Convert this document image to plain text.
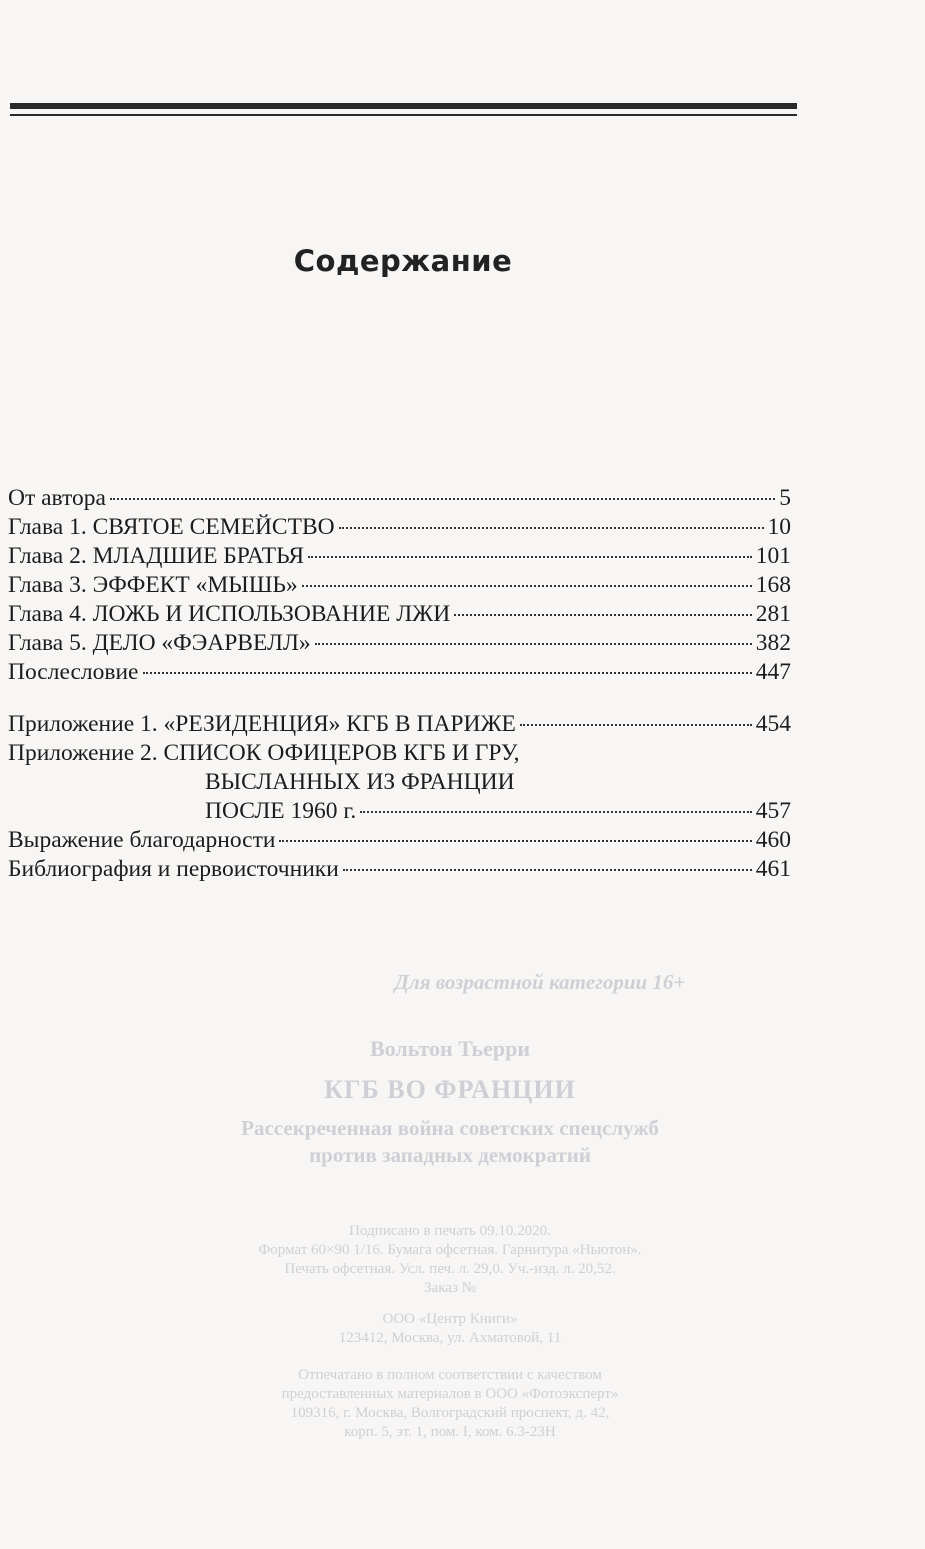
Содержание
От автора	5
Глава 1. СВЯТОЕ СЕМЕЙСТВО	10
Глава 2. МЛАДШИЕ БРАТЬЯ	101
Глава 3. ЭФФЕКТ «МЫШЬ»	168
Глава 4. ЛОЖЬ И ИСПОЛЬЗОВАНИЕ ЛЖИ	281
Глава 5. ДЕЛО «ФЭАРВЕЛЛ»	382
Послесловие	447
Приложение 1. «РЕЗИДЕНЦИЯ» КГБ В ПАРИЖЕ	454
Приложение 2. СПИСОК ОФИЦЕРОВ КГБ И ГРУ,
ВЫСЛАННЫХ ИЗ ФРАНЦИИ
ПОСЛЕ 1960 г.	457
Выражение благодарности	460
Библиография и первоисточники	461

Для возрастной категории 16+

Вольтон Тьерри

КГБ ВО ФРАНЦИИ

Рассекреченная война советских спецслужб
против западных демократий
Подписано в печать 09.10.2020.
Формат 60×90 1/16. Бумага офсетная. Гарнитура «Ньютон».
Печать офсетная. Усл. печ. л. 29,0. Уч.-изд. л. 20,52.
Заказ №
ООО «Центр Книги»
123412, Москва, ул. Ахматовой, 11
Отпечатано в полном соответствии с качеством
предоставленных материалов в ООО «Фотоэксперт»
109316, г. Москва, Волгоградский проспект, д. 42,
корп. 5, эт. 1, пом. I, ком. 6.3-23Н
